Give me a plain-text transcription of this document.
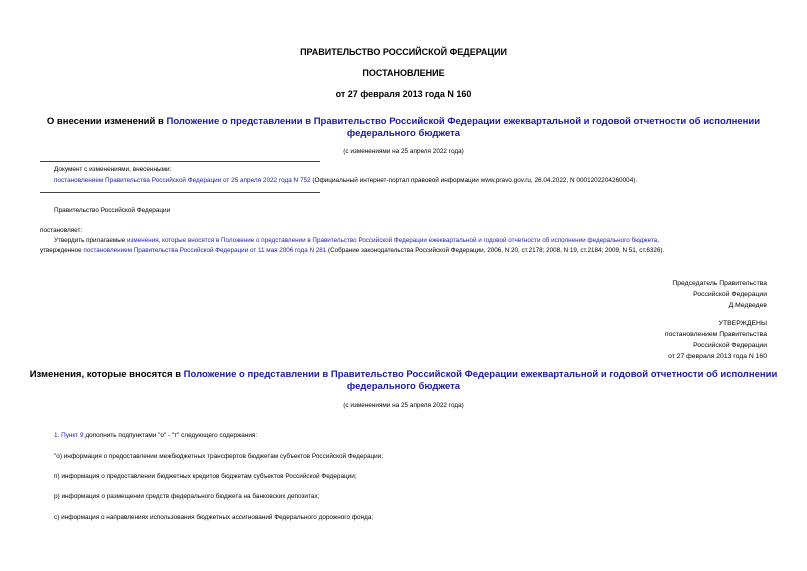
ПРАВИТЕЛЬСТВО РОССИЙСКОЙ ФЕДЕРАЦИИ
ПОСТАНОВЛЕНИЕ
от 27 февраля 2013 года N 160
О внесении изменений в Положение о представлении в Правительство Российской Федерации ежеквартальной и годовой отчетности об исполнении
федерального бюджета
(с изменениями на 25 апреля 2022 года)
Документ с изменениями, внесенными:
постановлением Правительства Российской Федерации от 25 апреля 2022 года N 752 (Официальный интернет-портал правовой информации www.pravo.gov.ru, 26.04.2022, N 0001202204260004).
Правительство Российской Федерации
постановляет:
Утвердить прилагаемые изменения, которые вносятся в Положение о представлении в Правительство Российской Федерации ежеквартальной и годовой отчетности об исполнении федерального бюджета,
утвержденное постановлением Правительства Российской Федерации от 11 мая 2006 года N 281 (Собрание законодательства Российской Федерации, 2006, N 20, ст.2178; 2008, N 19, ст.2184; 2009, N 51, ст.6326).
Председатель Правительства
Российской Федерации
Д.Медведев
УТВЕРЖДЕНЫ
постановлением Правительства
Российской Федерации
от 27 февраля 2013 года N 160
Изменения, которые вносятся в Положение о представлении в Правительство Российской Федерации ежеквартальной и годовой отчетности об исполнении
федерального бюджета
(с изменениями на 25 апреля 2022 года)
1. Пункт 9 дополнить подпунктами "о" - "т" следующего содержания:
"о) информация о предоставлении межбюджетных трансфертов бюджетам субъектов Российской Федерации;
п) информация о предоставлении бюджетных кредитов бюджетам субъектов Российской Федерации;
р) информация о размещении средств федерального бюджета на банковских депозитах;
с) информация о направлениях использования бюджетных ассигнований Федерального дорожного фонда;
